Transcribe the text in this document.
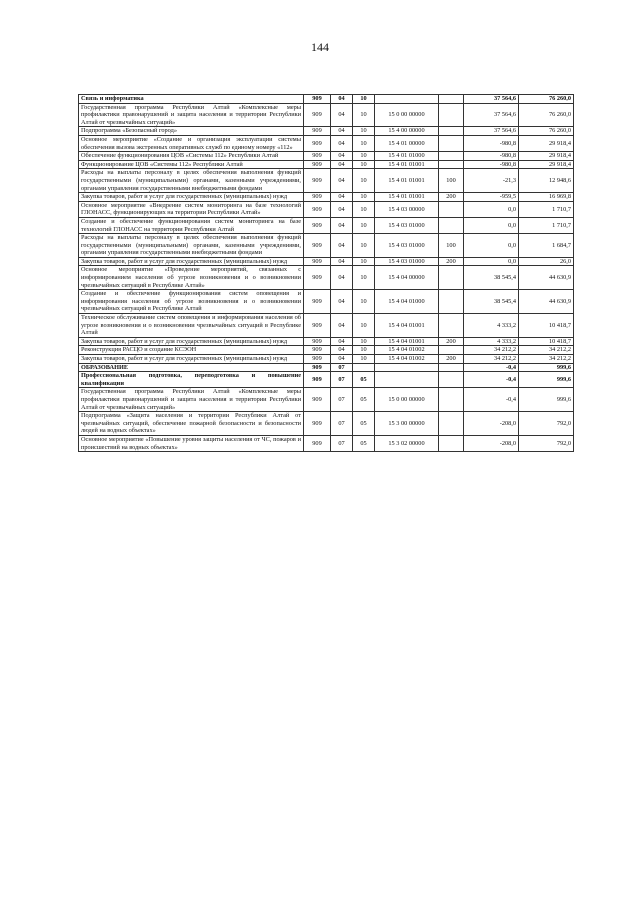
144
Связь и информатика	909	04	10			37 564,6	76 260,0
Государственная программа Республики Алтай «Комплексные меры профилактики правонарушений и защита населения и территории Республики Алтай от чрезвычайных ситуаций»	909	04	10	15 0 00 00000		37 564,6	76 260,0
Подпрограмма «Безопасный город»	909	04	10	15 4 00 00000		37 564,6	76 260,0
Основное мероприятие «Создание и организация эксплуатации системы обеспечения вызова экстренных оперативных служб по единому номеру «112»	909	04	10	15 4 01 00000		-980,8	29 918,4
Обеспечение функционирования ЦОВ «Системы 112» Республики Алтай	909	04	10	15 4 01 01000		-980,8	29 918,4
Функционирование ЦОВ «Системы 112» Республики Алтай	909	04	10	15 4 01 01001		-980,8	29 918,4
Расходы на выплаты персоналу в целях обеспечения выполнения функций государственными (муниципальными) органами, казенными учреждениями, органами управления государственными внебюджетными фондами	909	04	10	15 4 01 01001	100	-21,3	12 948,6
Закупка товаров, работ и услуг для государственных (муниципальных) нужд	909	04	10	15 4 01 01001	200	-959,5	16 969,8
Основное мероприятие «Внедрение систем мониторинга на базе технологий ГЛОНАСС, функционирующих на территории Республики Алтай»	909	04	10	15 4 03 00000		0,0	1 710,7
Создание и обеспечение функционирования систем мониторинга на базе технологий ГЛОНАСС на территории Республики Алтай	909	04	10	15 4 03 01000		0,0	1 710,7
Расходы на выплаты персоналу в целях обеспечения выполнения функций государственными (муниципальными) органами, казенными учреждениями, органами управления государственными внебюджетными фондами	909	04	10	15 4 03 01000	100	0,0	1 684,7
Закупка товаров, работ и услуг для государственных (муниципальных) нужд	909	04	10	15 4 03 01000	200	0,0	26,0
Основное мероприятие «Проведение мероприятий, связанных с информированием населения об угрозе возникновения и о возникновении чрезвычайных ситуаций в Республике Алтай»	909	04	10	15 4 04 00000		38 545,4	44 630,9
Создание и обеспечение функционирования систем оповещения и информирования населения об угрозе возникновения и о возникновении чрезвычайных ситуаций в Республике Алтай	909	04	10	15 4 04 01000		38 545,4	44 630,9
Техническое обслуживание систем оповещения и информирования населения об угрозе возникновения и о возникновении чрезвычайных ситуаций в Республике Алтай	909	04	10	15 4 04 01001		4 333,2	10 418,7
Закупка товаров, работ и услуг для государственных (муниципальных) нужд	909	04	10	15 4 04 01001	200	4 333,2	10 418,7
Реконструкция РАСЦО и создание КСЭОН	909	04	10	15 4 04 01002		34 212,2	34 212,2
Закупка товаров, работ и услуг для государственных (муниципальных) нужд	909	04	10	15 4 04 01002	200	34 212,2	34 212,2
ОБРАЗОВАНИЕ	909	07				-0,4	999,6
Профессиональная подготовка, переподготовка и повышение квалификации	909	07	05			-0,4	999,6
Государственная программа Республики Алтай «Комплексные меры профилактики правонарушений и защита населения и территории Республики Алтай от чрезвычайных ситуаций»	909	07	05	15 0 00 00000		-0,4	999,6
Подпрограмма «Защита населения и территории Республики Алтай от чрезвычайных ситуаций, обеспечение пожарной безопасности и безопасности людей на водных объектах»	909	07	05	15 3 00 00000		-208,0	792,0
Основное мероприятие «Повышение уровня защиты населения от ЧС, пожаров и происшествий на водных объектах»	909	07	05	15 3 02 00000		-208,0	792,0
